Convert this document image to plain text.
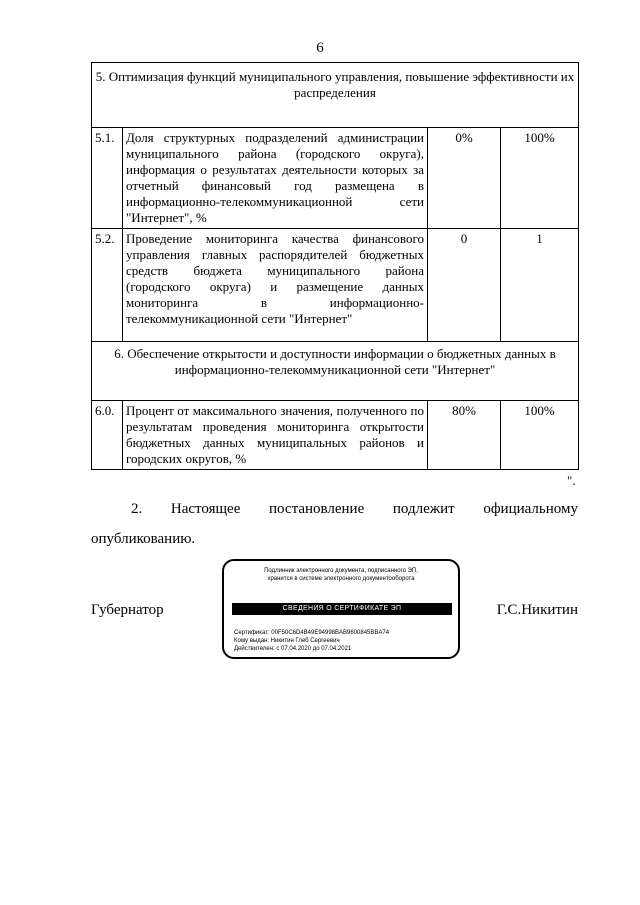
6
5. Оптимизация функций муниципального управления, повышение эффективности их распределения			
5.1.	Доля структурных подразделений администрации муниципального района (городского округа), информация о результатах деятельности которых за отчетный финансовый год размещена в информационно-телекоммуникационной сети "Интернет", %	0%	100%
5.2.	Проведение мониторинга качества финансового управления главных распорядителей бюджетных средств бюджета муниципального района (городского округа) и размещение данных мониторинга в информационно-телекоммуникационной сети "Интернет"	0	1
6. Обеспечение открытости и доступности информации о бюджетных данных в информационно-телекоммуникационной сети "Интернет"			
6.0.	Процент от максимального значения, полученного по результатам проведения мониторинга открытости бюджетных данных муниципальных районов и городских округов, %	80%	100%
".
2. Настоящее постановление подлежит официальному опубликованию.
Губернатор
Подлинник электронного документа, подписанного ЭП,
хранится в системе электронного документооборота
СВЕДЕНИЯ О СЕРТИФИКАТЕ ЭП
Сертификат: 00F50C6D4B49E94998BAB9600845BBA74
Кому выдан: Никитин Глеб Сергеевич
Действителен: с 07.04.2020 до 07.04.2021
Г.С.Никитин
